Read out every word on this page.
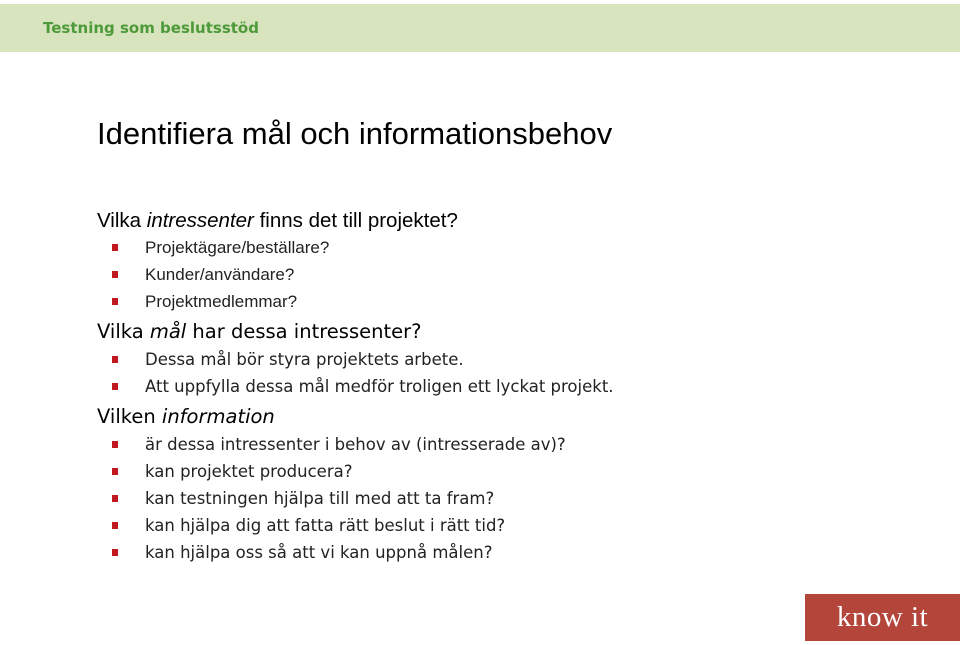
Testning som beslutsstöd
Identifiera mål och informationsbehov
Vilka intressenter finns det till projektet?
Projektägare/beställare?
Kunder/användare?
Projektmedlemmar?
Vilka mål har dessa intressenter?
Dessa mål bör styra projektets arbete.
Att uppfylla dessa mål medför troligen ett lyckat projekt.
Vilken information
är dessa intressenter i behov av (intresserade av)?
kan projektet producera?
kan testningen hjälpa till med att ta fram?
kan hjälpa dig att fatta rätt beslut i rätt tid?
kan hjälpa oss så att vi kan uppnå målen?
know it
